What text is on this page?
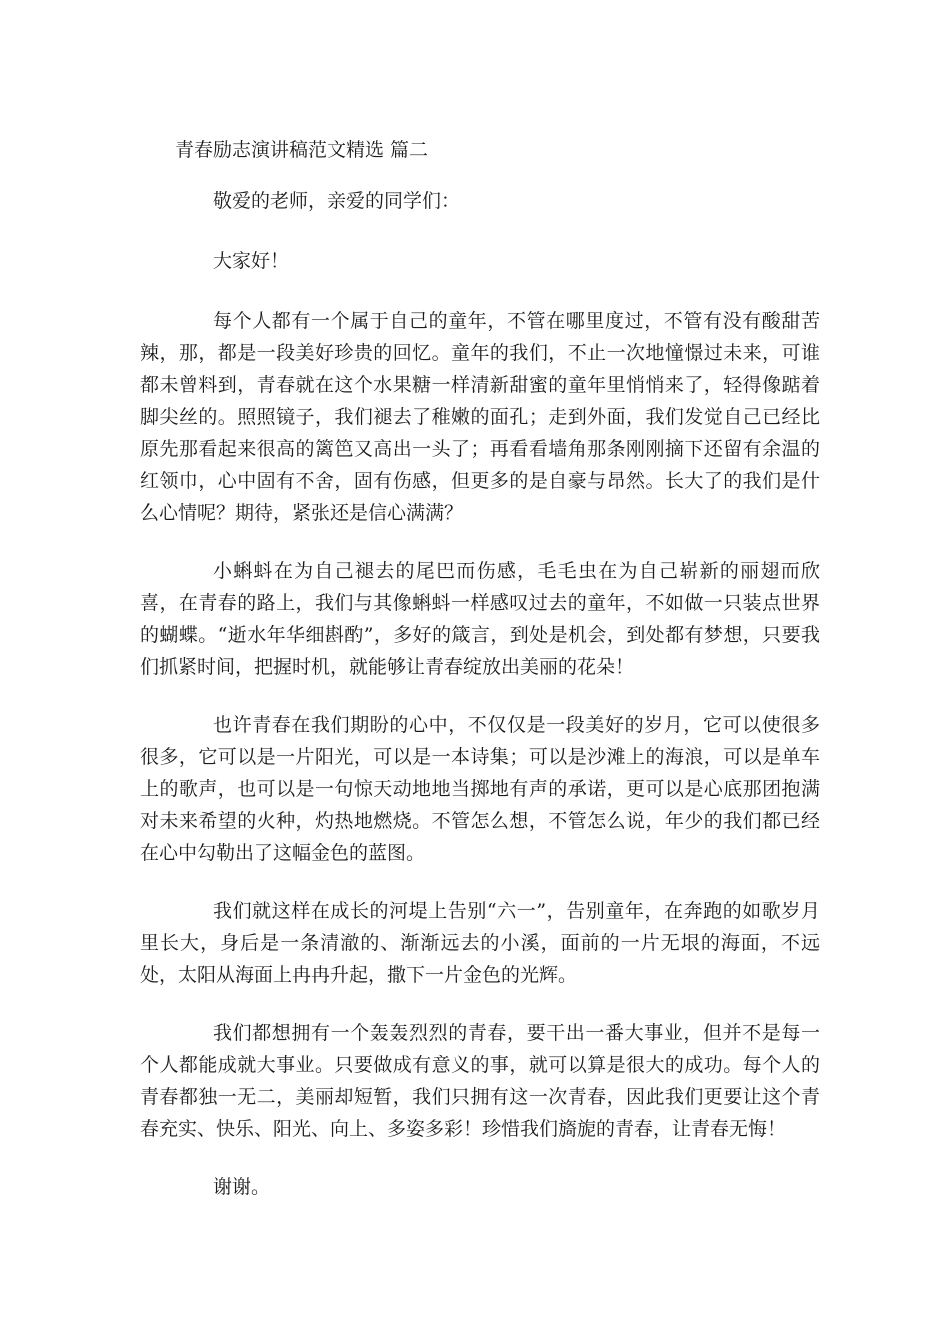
青春励志演讲稿范文精选 篇二

敬爱的老师，亲爱的同学们：

大家好！

每个人都有一个属于自己的童年，不管在哪里度过，不管有没有酸甜苦辣，那，都是一段美好珍贵的回忆。童年的我们，不止一次地憧憬过未来，可谁都未曾料到，青春就在这个水果糖一样清新甜蜜的童年里悄悄来了，轻得像踮着脚尖丝的。照照镜子，我们褪去了稚嫩的面孔；走到外面，我们发觉自己已经比原先那看起来很高的篱笆又高出一头了；再看看墙角那条刚刚摘下还留有余温的红领巾，心中固有不舍，固有伤感，但更多的是自豪与昂然。长大了的我们是什么心情呢？期待，紧张还是信心满满？

小蝌蚪在为自己褪去的尾巴而伤感，毛毛虫在为自己崭新的丽翅而欣喜，在青春的路上，我们与其像蝌蚪一样感叹过去的童年，不如做一只装点世界的蝴蝶。“逝水年华细斟酌”，多好的箴言，到处是机会，到处都有梦想，只要我们抓紧时间，把握时机，就能够让青春绽放出美丽的花朵！

也许青春在我们期盼的心中，不仅仅是一段美好的岁月，它可以使很多很多，它可以是一片阳光，可以是一本诗集；可以是沙滩上的海浪，可以是单车上的歌声，也可以是一句惊天动地地当掷地有声的承诺，更可以是心底那团抱满对未来希望的火种，灼热地燃烧。不管怎么想，不管怎么说，年少的我们都已经在心中勾勒出了这幅金色的蓝图。

我们就这样在成长的河堤上告别“六一”，告别童年，在奔跑的如歌岁月里长大，身后是一条清澈的、渐渐远去的小溪，面前的一片无垠的海面，不远处，太阳从海面上冉冉升起，撒下一片金色的光辉。

我们都想拥有一个轰轰烈烈的青春，要干出一番大事业，但并不是每一个人都能成就大事业。只要做成有意义的事，就可以算是很大的成功。每个人的青春都独一无二，美丽却短暂，我们只拥有这一次青春，因此我们更要让这个青春充实、快乐、阳光、向上、多姿多彩！珍惜我们旖旎的青春，让青春无悔！

谢谢。
